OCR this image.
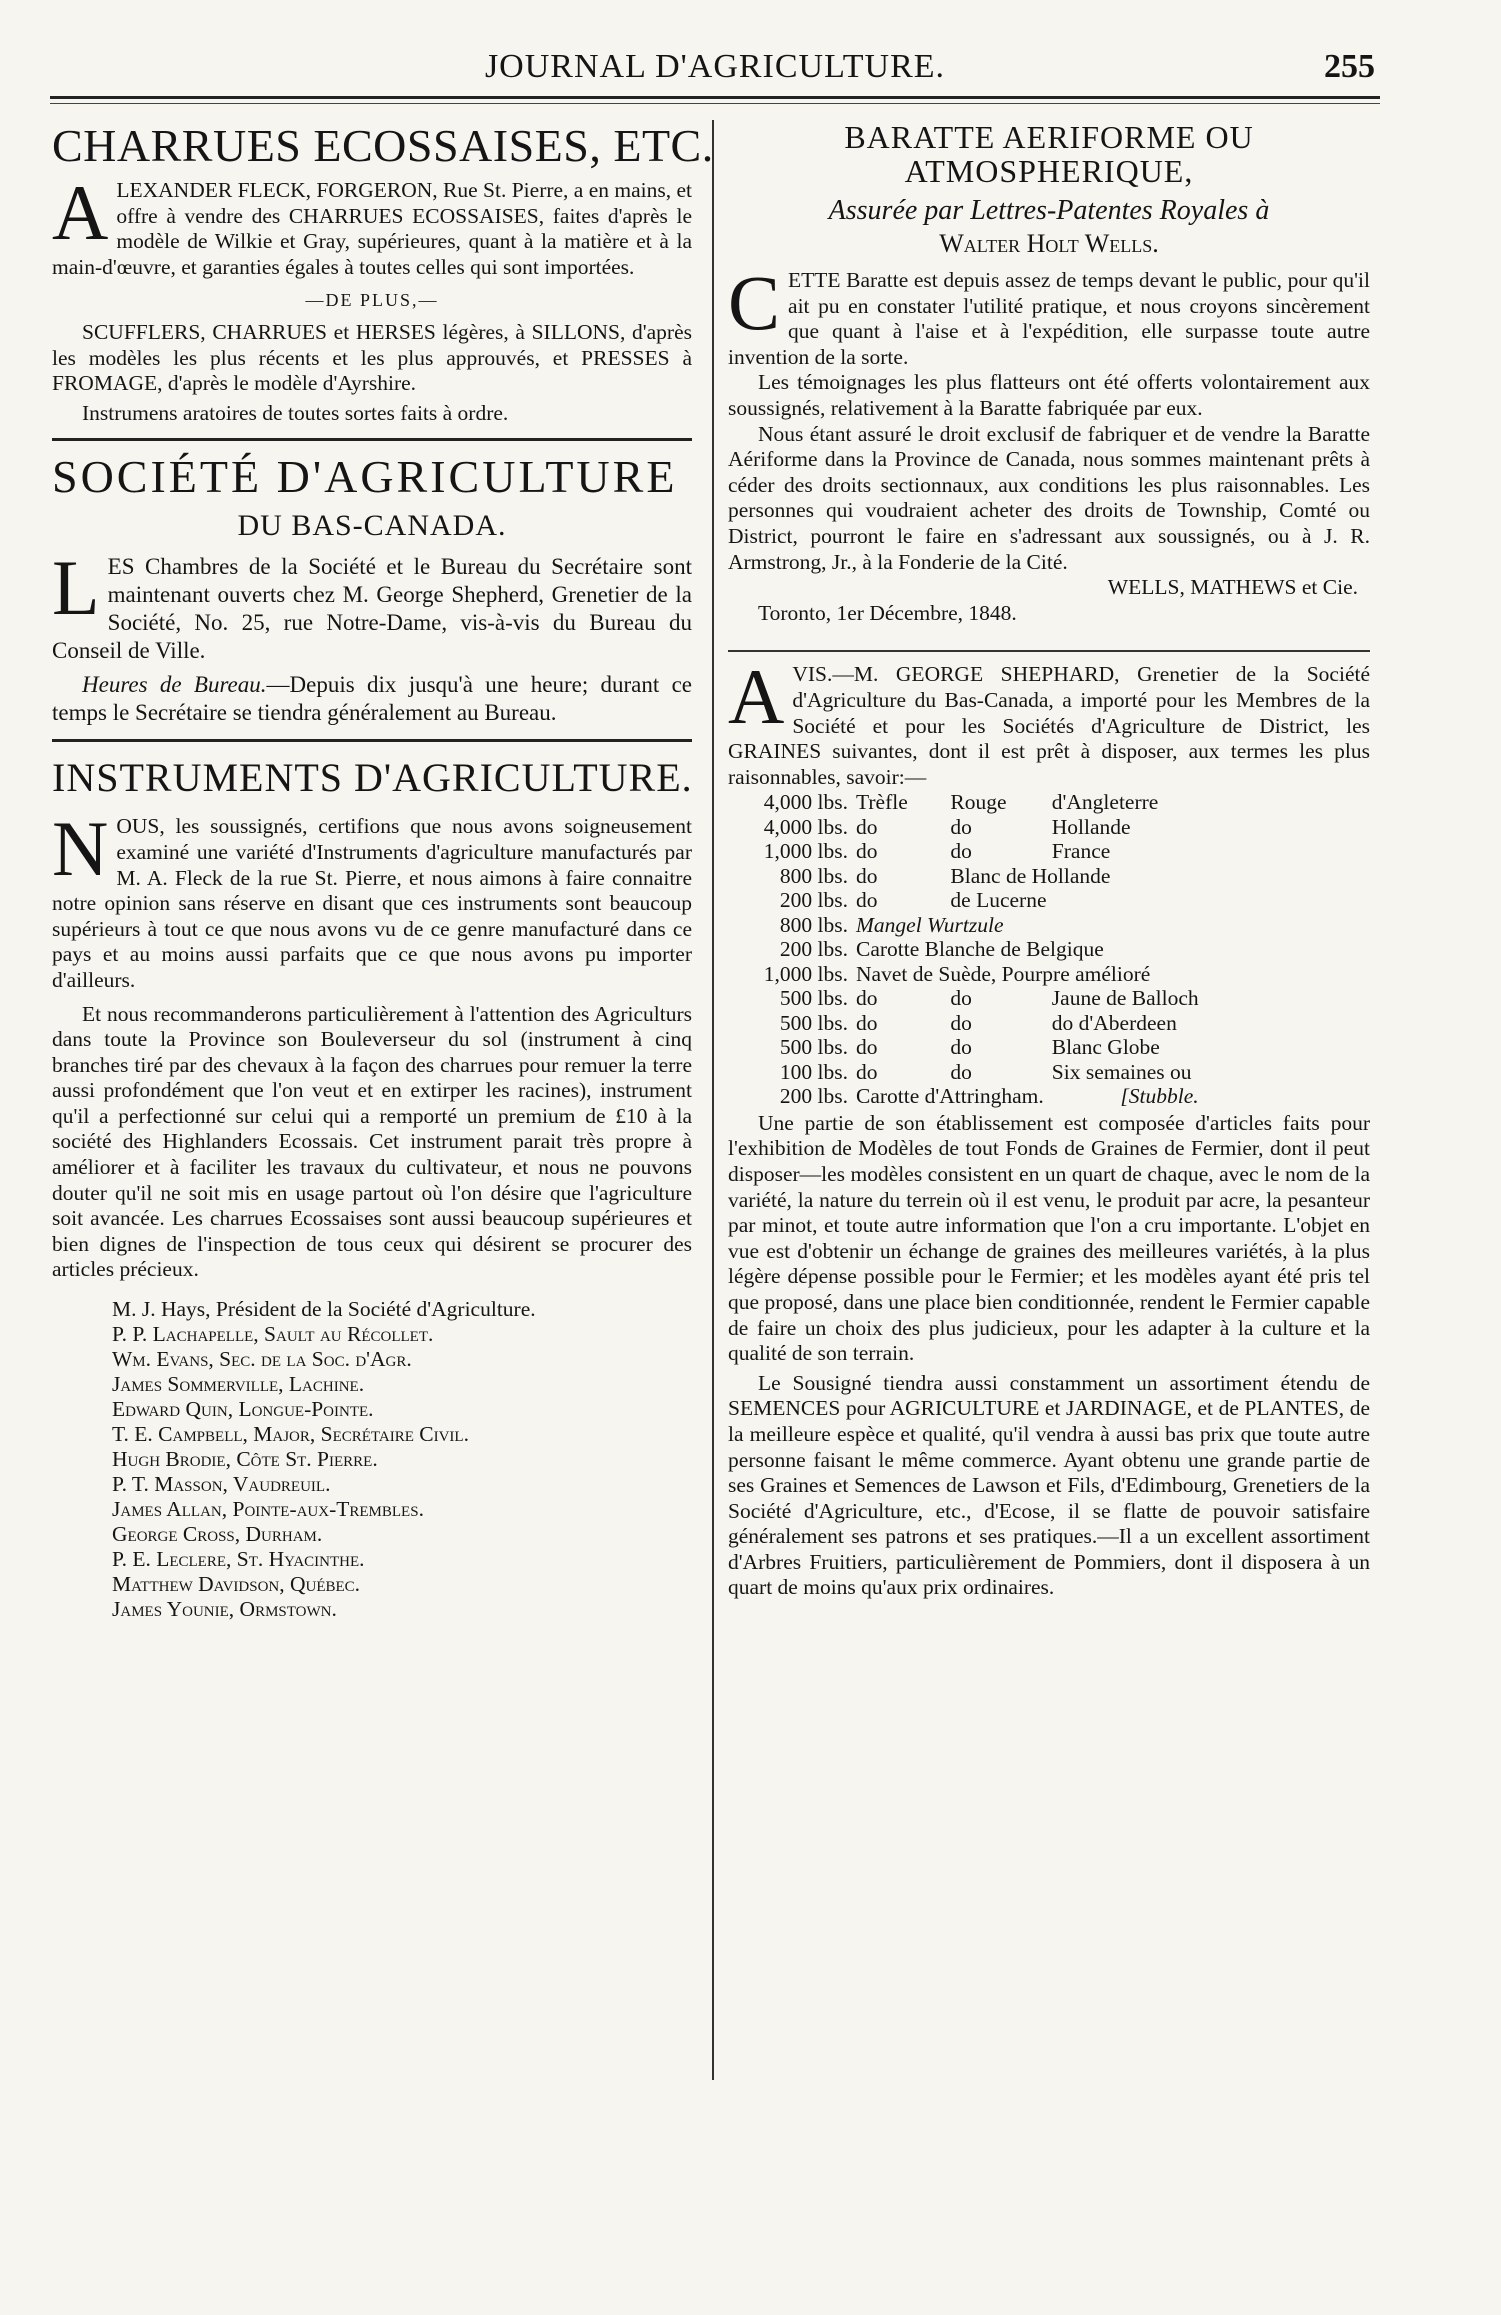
JOURNAL D'AGRICULTURE.	255
CHARRUES ECOSSAISES, ETC.

ALEXANDER FLECK, FORGERON, Rue St. Pierre, a en mains, et offre à vendre des CHARRUES ECOSSAISES, faites d'après le modèle de Wilkie et Gray, supérieures, quant à la matière et à la main-d'œuvre, et garanties égales à toutes celles qui sont importées.

—DE PLUS,—

SCUFFLERS, CHARRUES et HERSES légères, à SILLONS, d'après les modèles les plus récents et les plus approuvés, et PRESSES à FROMAGE, d'après le modèle d'Ayrshire.

Instrumens aratoires de toutes sortes faits à ordre.

SOCIÉTÉ D'AGRICULTURE
DU BAS-CANADA.

LES Chambres de la Société et le Bureau du Secrétaire sont maintenant ouverts chez M. George Shepherd, Grenetier de la Société, No. 25, rue Notre-Dame, vis-à-vis du Bureau du Conseil de Ville.

Heures de Bureau.—Depuis dix jusqu'à une heure; durant ce temps le Secrétaire se tiendra généralement au Bureau.

INSTRUMENTS D'AGRICULTURE.

NOUS, les soussignés, certifions que nous avons soigneusement examiné une variété d'Instruments d'agriculture manufacturés par M. A. Fleck de la rue St. Pierre, et nous aimons à faire connaitre notre opinion sans réserve en disant que ces instruments sont beaucoup supérieurs à tout ce que nous avons vu de ce genre manufacturé dans ce pays et au moins aussi parfaits que ce que nous avons pu importer d'ailleurs.

Et nous recommanderons particulièrement à l'attention des Agriculturs dans toute la Province son Bouleverseur du sol (instrument à cinq branches tiré par des chevaux à la façon des charrues pour remuer la terre aussi profondément que l'on veut et en extirper les racines), instrument qu'il a perfectionné sur celui qui a remporté un premium de £10 à la société des Highlanders Ecossais. Cet instrument parait très propre à améliorer et à faciliter les travaux du cultivateur, et nous ne pouvons douter qu'il ne soit mis en usage partout où l'on désire que l'agriculture soit avancée. Les charrues Ecossaises sont aussi beaucoup supérieures et bien dignes de l'inspection de tous ceux qui désirent se procurer des articles précieux.

M. J. Hays, Président de la Société d'Agriculture.

P. P. Lachapelle, Sault au Récollet.

Wm. Evans, Sec. de la Soc. d'Agr.

James Sommerville, Lachine.

Edward Quin, Longue-Pointe.

T. E. Campbell, Major, Secrétaire Civil.

Hugh Brodie, Côte St. Pierre.

P. T. Masson, Vaudreuil.

James Allan, Pointe-aux-Trembles.

George Cross, Durham.

P. E. Leclere, St. Hyacinthe.

Matthew Davidson, Québec.

James Younie, Ormstown.

BARATTE AERIFORME OU ATMOSPHERIQUE,
Assurée par Lettres-Patentes Royales à
Walter Holt Wells.

CETTE Baratte est depuis assez de temps devant le public, pour qu'il ait pu en constater l'utilité pratique, et nous croyons sincèrement que quant à l'aise et à l'expédition, elle surpasse toute autre invention de la sorte.

Les témoignages les plus flatteurs ont été offerts volontairement aux soussignés, relativement à la Baratte fabriquée par eux.

Nous étant assuré le droit exclusif de fabriquer et de vendre la Baratte Aériforme dans la Province de Canada, nous sommes maintenant prêts à céder des droits sectionnaux, aux conditions les plus raisonnables. Les personnes qui voudraient acheter des droits de Township, Comté ou District, pourront le faire en s'adressant aux soussignés, ou à J. R. Armstrong, Jr., à la Fonderie de la Cité.

WELLS, MATHEWS et Cie.

Toronto, 1er Décembre, 1848.

AVIS.—M. GEORGE SHEPHARD, Grenetier de la Société d'Agriculture du Bas-Canada, a importé pour les Membres de la Société et pour les Sociétés d'Agriculture de District, les GRAINES suivantes, dont il est prêt à disposer, aux termes les plus raisonnables, savoir:—

4,000 lbs.	Trèfle	Rouge	d'Angleterre
4,000 lbs.	do	do	Hollande
1,000 lbs.	do	do	France
800 lbs.	do	Blanc de Hollande	
200 lbs.	do	de Lucerne	
800 lbs.	Mangel Wurtzule		
200 lbs.	Carotte Blanche de Belgique		
1,000 lbs.	Navet de Suède, Pourpre amélioré		
500 lbs.	do	do	Jaune de Balloch
500 lbs.	do	do	do d'Aberdeen
500 lbs.	do	do	Blanc Globe
100 lbs.	do	do	Six semaines ou
200 lbs.	Carotte d'Attringham.		[Stubble.

Une partie de son établissement est composée d'articles faits pour l'exhibition de Modèles de tout Fonds de Graines de Fermier, dont il peut disposer—les modèles consistent en un quart de chaque, avec le nom de la variété, la nature du terrein où il est venu, le produit par acre, la pesanteur par minot, et toute autre information que l'on a cru importante. L'objet en vue est d'obtenir un échange de graines des meilleures variétés, à la plus légère dépense possible pour le Fermier; et les modèles ayant été pris tel que proposé, dans une place bien conditionnée, rendent le Fermier capable de faire un choix des plus judicieux, pour les adapter à la culture et la qualité de son terrain.

Le Sousigné tiendra aussi constamment un assortiment étendu de SEMENCES pour AGRICULTURE et JARDINAGE, et de PLANTES, de la meilleure espèce et qualité, qu'il vendra à aussi bas prix que toute autre personne faisant le même commerce. Ayant obtenu une grande partie de ses Graines et Semences de Lawson et Fils, d'Edimbourg, Grenetiers de la Société d'Agriculture, etc., d'Ecose, il se flatte de pouvoir satisfaire généralement ses patrons et ses pratiques.—Il a un excellent assortiment d'Arbres Fruitiers, particulièrement de Pommiers, dont il disposera à un quart de moins qu'aux prix ordinaires.
